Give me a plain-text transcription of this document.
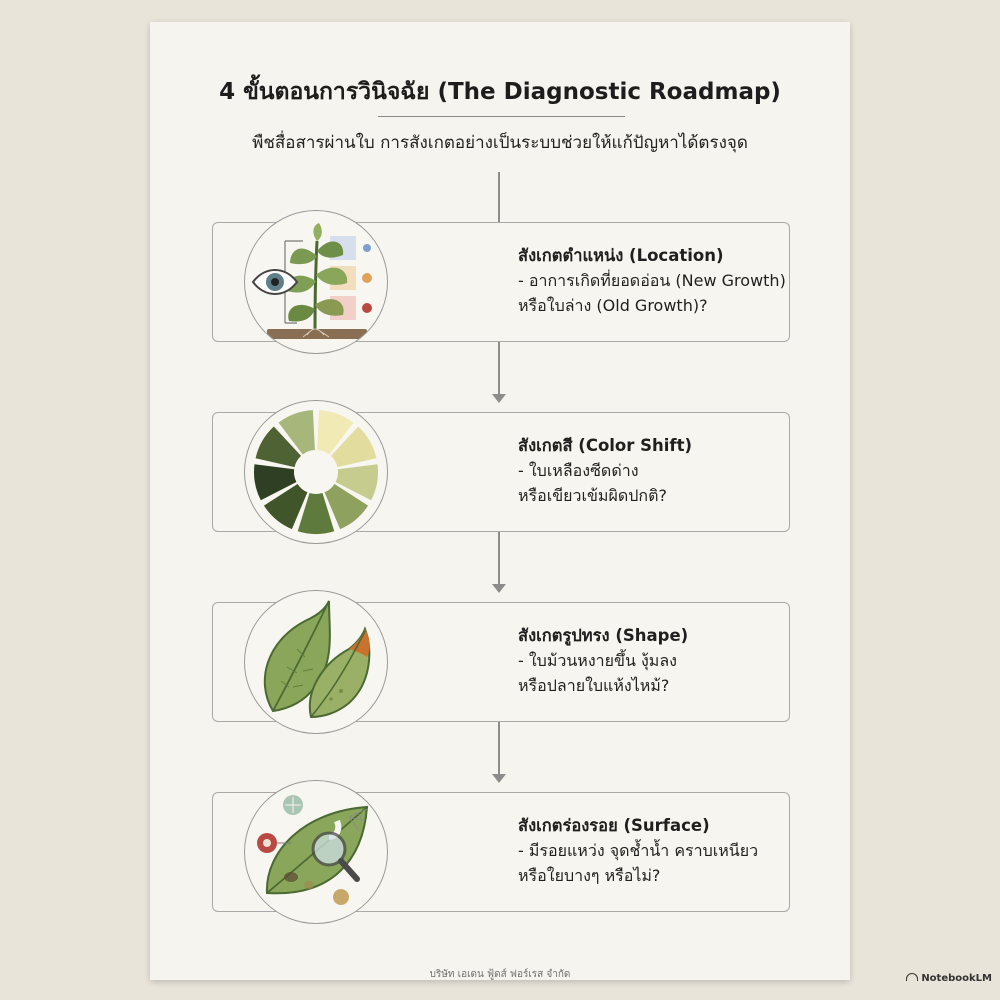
4 ขั้นตอนการวินิจฉัย (The Diagnostic Roadmap)
พืชสื่อสารผ่านใบ การสังเกตอย่างเป็นระบบช่วยให้แก้ปัญหาได้ตรงจุด
สังเกตตำแหน่ง (Location)
- อาการเกิดที่ยอดอ่อน (New Growth)
หรือใบล่าง (Old Growth)?
สังเกตสี (Color Shift)
- ใบเหลืองซีดด่าง
หรือเขียวเข้มผิดปกติ?
สังเกตรูปทรง (Shape)
- ใบม้วนหงายขึ้น งุ้มลง
หรือปลายใบแห้งไหม้?
สังเกตร่องรอย (Surface)
- มีรอยแหว่ง จุดช้ำน้ำ คราบเหนียว
หรือใยบางๆ หรือไม่?
บริษัท เอเดน ฟู้ดส์ ฟอร์เรส จำกัด	NotebookLM
